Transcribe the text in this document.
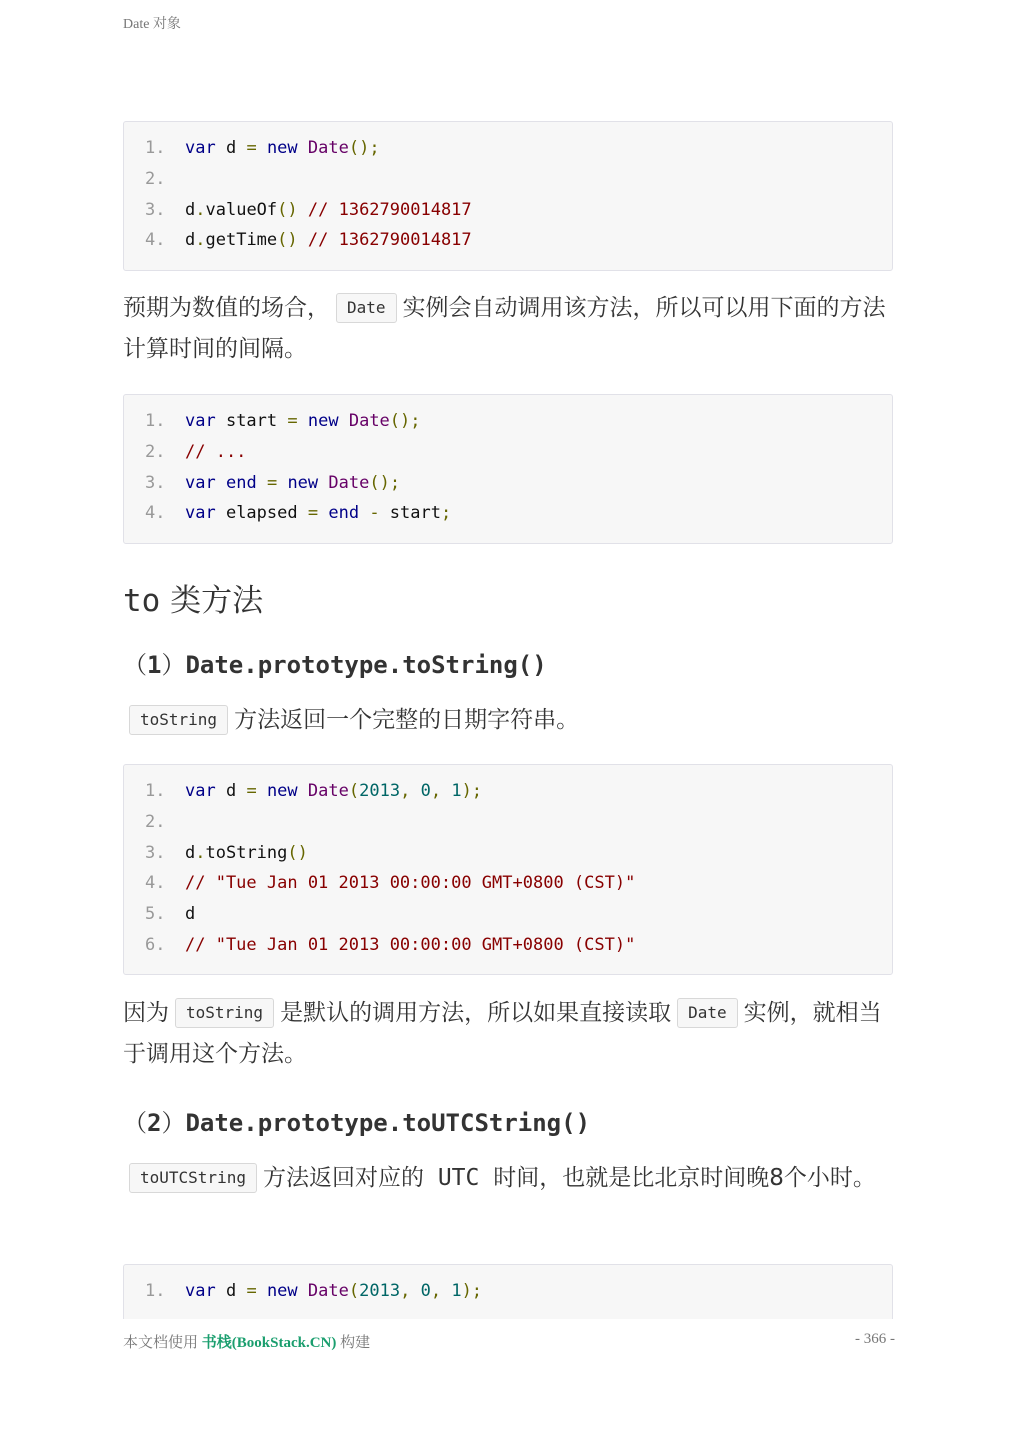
Date 对象
1. var d = new Date();
2.
3. d.valueOf() // 1362790014817
4. d.getTime() // 1362790014817

预期为数值的场合， Date 实例会自动调用该方法，所以可以用下面的方法计算时间的间隔。

1. var start = new Date();
2. // ...
3. var end = new Date();
4. var elapsed = end - start;
to 类方法
（1）Date.prototype.toString()

toString 方法返回一个完整的日期字符串。

1. var d = new Date(2013, 0, 1);
2.
3. d.toString()
4. // "Tue Jan 01 2013 00:00:00 GMT+0800 (CST)"
5. d
6. // "Tue Jan 01 2013 00:00:00 GMT+0800 (CST)"

因为 toString 是默认的调用方法，所以如果直接读取 Date 实例，就相当于调用这个方法。

（2）Date.prototype.toUTCString()

toUTCString 方法返回对应的 UTC 时间，也就是比北京时间晚8个小时。

1. var d = new Date(2013, 0, 1);
本文档使用 书栈(BookStack.CN) 构建	- 366 -
